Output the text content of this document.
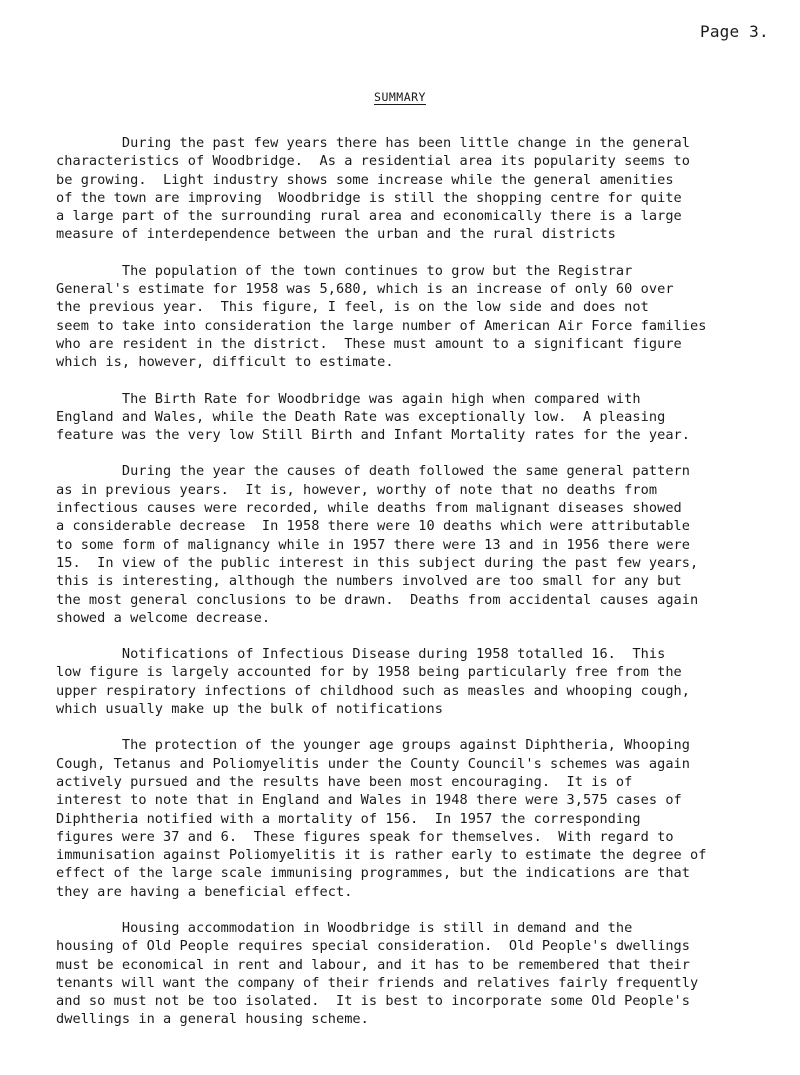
Page 3.
SUMMARY
During the past few years there has been little change in the general
characteristics of Woodbridge.  As a residential area its popularity seems to
be growing.  Light industry shows some increase while the general amenities
of the town are improving  Woodbridge is still the shopping centre for quite
a large part of the surrounding rural area and economically there is a large
measure of interdependence between the urban and the rural districts
The population of the town continues to grow but the Registrar
General's estimate for 1958 was 5,680, which is an increase of only 60 over
the previous year.  This figure, I feel, is on the low side and does not
seem to take into consideration the large number of American Air Force families
who are resident in the district.  These must amount to a significant figure
which is, however, difficult to estimate.
The Birth Rate for Woodbridge was again high when compared with
England and Wales, while the Death Rate was exceptionally low.  A pleasing
feature was the very low Still Birth and Infant Mortality rates for the year.
During the year the causes of death followed the same general pattern
as in previous years.  It is, however, worthy of note that no deaths from
infectious causes were recorded, while deaths from malignant diseases showed
a considerable decrease  In 1958 there were 10 deaths which were attributable
to some form of malignancy while in 1957 there were 13 and in 1956 there were
15.  In view of the public interest in this subject during the past few years,
this is interesting, although the numbers involved are too small for any but
the most general conclusions to be drawn.  Deaths from accidental causes again
showed a welcome decrease.
Notifications of Infectious Disease during 1958 totalled 16.  This
low figure is largely accounted for by 1958 being particularly free from the
upper respiratory infections of childhood such as measles and whooping cough,
which usually make up the bulk of notifications
The protection of the younger age groups against Diphtheria, Whooping
Cough, Tetanus and Poliomyelitis under the County Council's schemes was again
actively pursued and the results have been most encouraging.  It is of
interest to note that in England and Wales in 1948 there were 3,575 cases of
Diphtheria notified with a mortality of 156.  In 1957 the corresponding
figures were 37 and 6.  These figures speak for themselves.  With regard to
immunisation against Poliomyelitis it is rather early to estimate the degree of
effect of the large scale immunising programmes, but the indications are that
they are having a beneficial effect.
Housing accommodation in Woodbridge is still in demand and the
housing of Old People requires special consideration.  Old People's dwellings
must be economical in rent and labour, and it has to be remembered that their
tenants will want the company of their friends and relatives fairly frequently
and so must not be too isolated.  It is best to incorporate some Old People's
dwellings in a general housing scheme.
